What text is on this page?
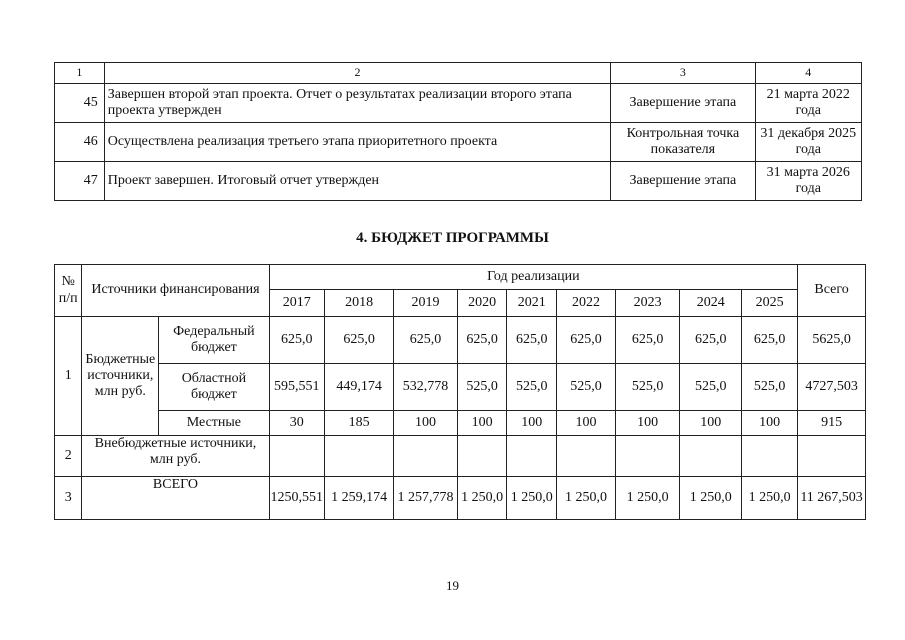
1	2	3	4
45	Завершен второй этап проекта. Отчет о результатах реализации второго этапа проекта утвержден	Завершение этапа	21 марта 2022 года
46	Осуществлена реализация третьего этапа приоритетного проекта	Контрольная точка показателя	31 декабря 2025 года
47	Проект завершен. Итоговый отчет утвержден	Завершение этапа	31 марта 2026 года
4. БЮДЖЕТ ПРОГРАММЫ
№ п/п	Источники финансирования		Год реализации									Всего
			2017	2018	2019	2020	2021	2022	2023	2024	2025	
1	Бюджетные источники, млн руб.	Федеральный бюджет	625,0	625,0	625,0	625,0	625,0	625,0	625,0	625,0	625,0	5625,0
		Областной бюджет	595,551	449,174	532,778	525,0	525,0	525,0	525,0	525,0	525,0	4727,503
		Местные	30	185	100	100	100	100	100	100	100	915
2	Внебюджетные источники, млн руб.											
3	ВСЕГО		1250,551	1 259,174	1 257,778	1 250,0	1 250,0	1 250,0	1 250,0	1 250,0	1 250,0	11 267,503
19
